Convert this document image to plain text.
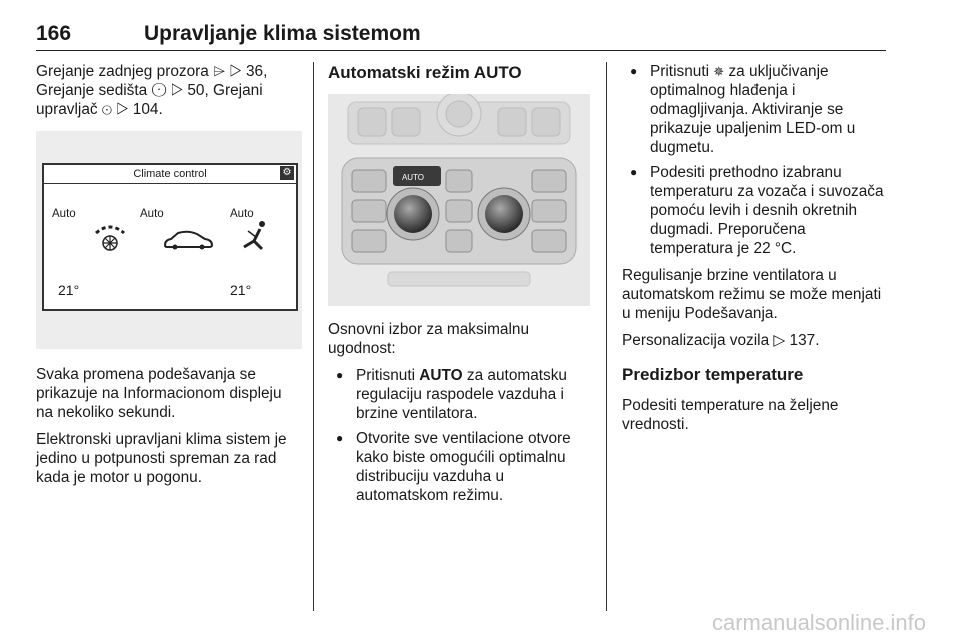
166	Upravljanje klima sistemom

Grejanje zadnjeg prozora ⌲ ▷ 36, Grejanje sedišta ⨀ ▷ 50, Grejani upravljač ⊙ ▷ 104.

Climate control	⚙
Auto	Auto	Auto
21°	21°

Svaka promena podešavanja se prikazuje na Informacionom displeju na nekoliko sekundi.

Elektronski upravljani klima sistem je jedino u potpunosti spreman za rad kada je motor u pogonu.

Automatski režim AUTO
AUTO

Osnovni izbor za maksimalnu ugodnost:

● Pritisnuti AUTO za automatsku regulaciju raspodele vazduha i brzine ventilatora.
● Otvorite sve ventilacione otvore kako biste omogućili optimalnu distribuciju vazduha u automatskom režimu.
● Pritisnuti ✵ za uključivanje optimalnog hlađenja i odmagljivanja. Aktiviranje se prikazuje upaljenim LED-om u dugmetu.
● Podesiti prethodno izabranu temperaturu za vozača i suvozača pomoću levih i desnih okretnih dugmadi. Preporučena temperatura je 22 °C.

Regulisanje brzine ventilatora u automatskom režimu se može menjati u meniju Podešavanja.

Personalizacija vozila ▷ 137.

Predizbor temperature

Podesiti temperature na željene vrednosti.

carmanualsonline.info
